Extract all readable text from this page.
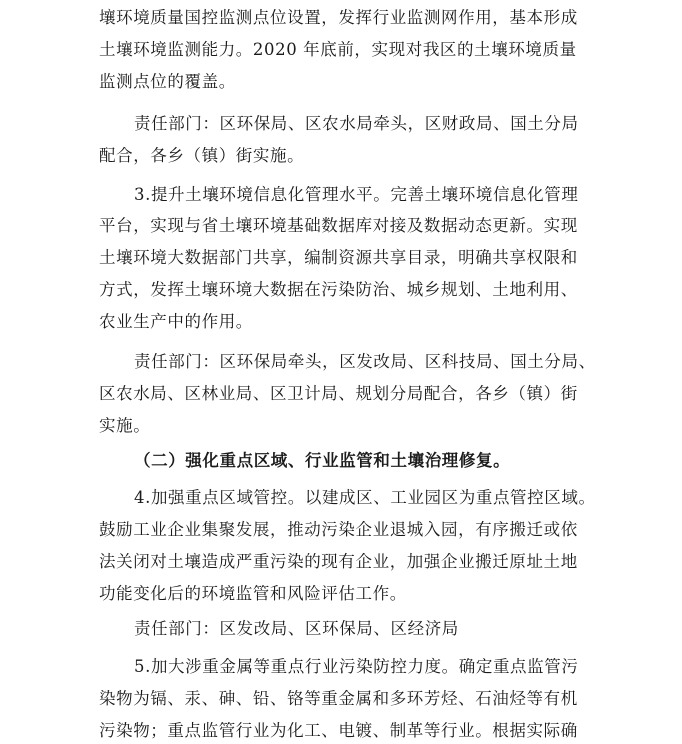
壤环境质量国控监测点位设置，发挥行业监测网作用，基本形成
土壤环境监测能力。2020 年底前，实现对我区的土壤环境质量
监测点位的覆盖。
责任部门：区环保局、区农水局牵头，区财政局、国土分局
配合，各乡（镇）街实施。
3.提升土壤环境信息化管理水平。完善土壤环境信息化管理
平台，实现与省土壤环境基础数据库对接及数据动态更新。实现
土壤环境大数据部门共享，编制资源共享目录，明确共享权限和
方式，发挥土壤环境大数据在污染防治、城乡规划、土地利用、
农业生产中的作用。
责任部门：区环保局牵头，区发改局、区科技局、国土分局、
区农水局、区林业局、区卫计局、规划分局配合，各乡（镇）街
实施。
（二）强化重点区域、行业监管和土壤治理修复。
4.加强重点区域管控。以建成区、工业园区为重点管控区域。
鼓励工业企业集聚发展，推动污染企业退城入园，有序搬迁或依
法关闭对土壤造成严重污染的现有企业，加强企业搬迁原址土地
功能变化后的环境监管和风险评估工作。
责任部门：区发改局、区环保局、区经济局
5.加大涉重金属等重点行业污染防控力度。确定重点监管污
染物为镉、汞、砷、铅、铬等重金属和多环芳烃、石油烃等有机
污染物；重点监管行业为化工、电镀、制革等行业。根据实际确
